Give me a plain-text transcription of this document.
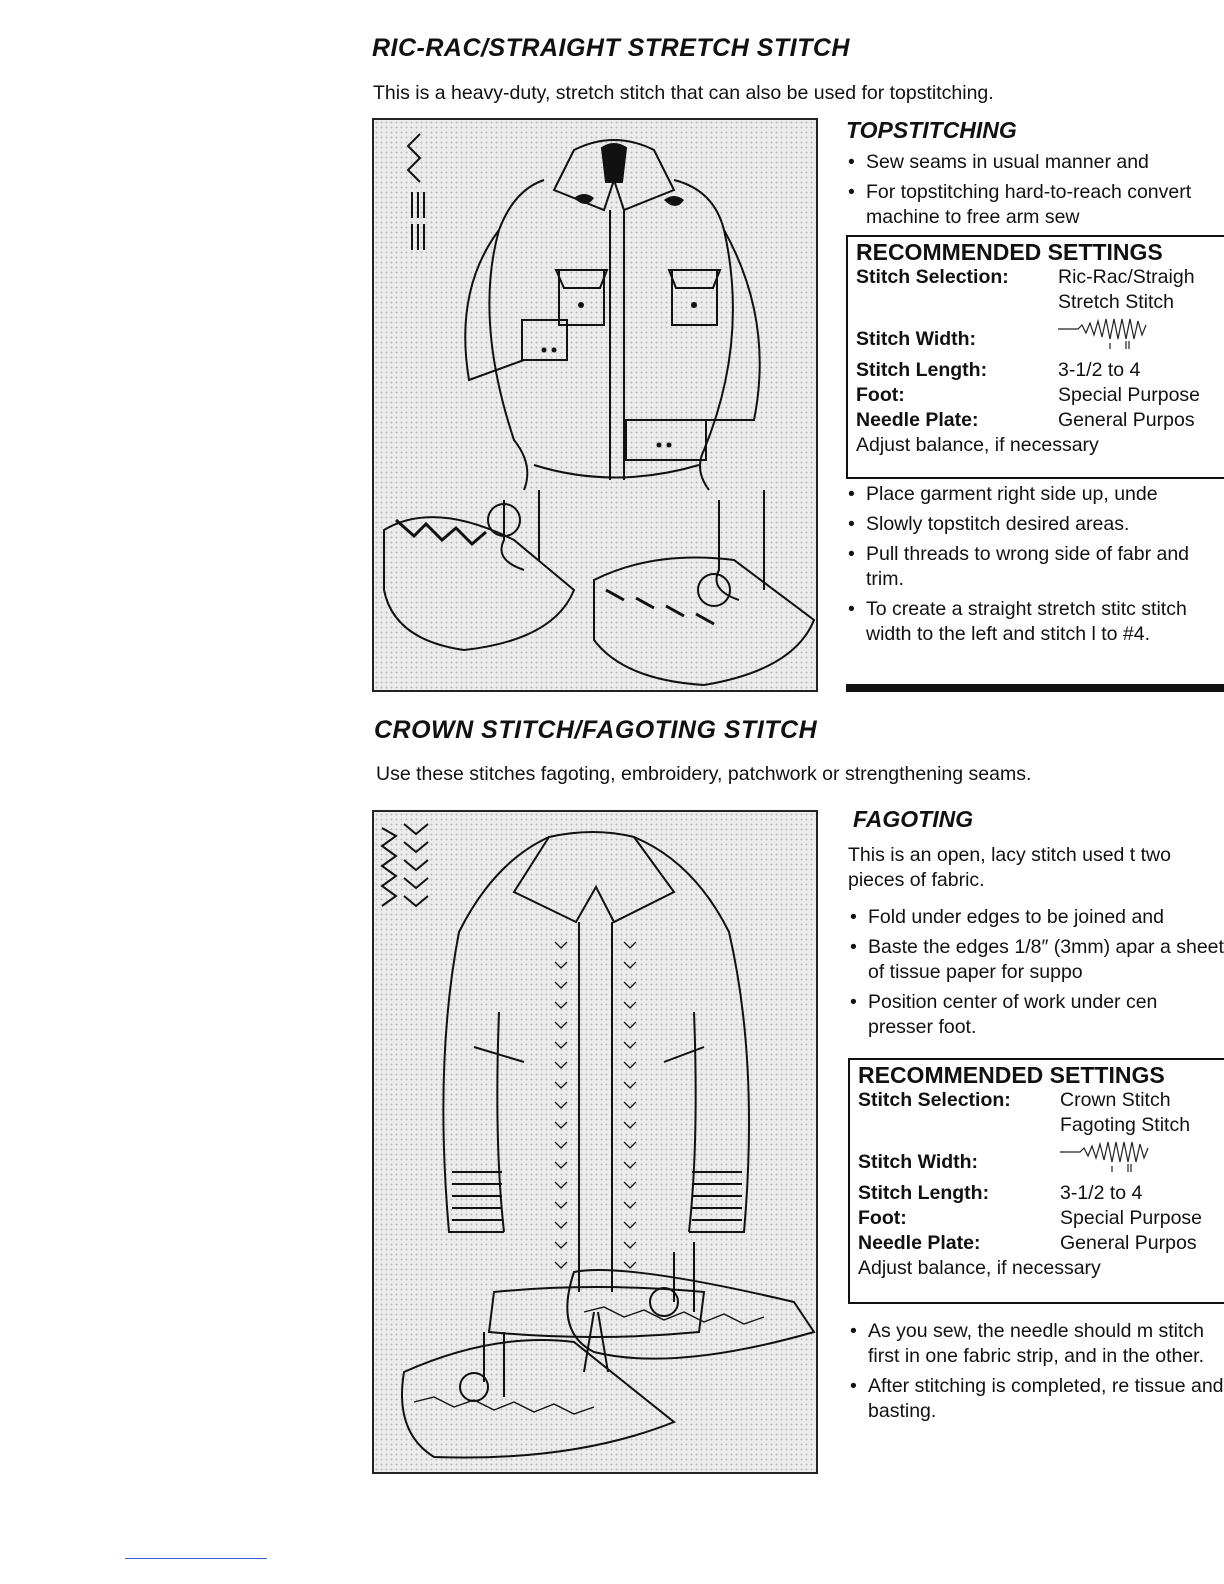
RIC-RAC/STRAIGHT STRETCH STITCH
This is a heavy-duty, stretch stitch that can also be used for topstitching.
TOPSTITCHING
• Sew seams in usual manner and
• For topstitching hard-to-reach convert machine to free arm sew
RECOMMENDED SETTINGS
Stitch Selection:	Ric-Rac/Straigh
Stretch Stitch
Stitch Width:	
Stitch Length:	3-1/2 to 4
Foot:	Special Purpose
Needle Plate:	General Purpos
Adjust balance, if necessary
• Place garment right side up, unde
• Slowly topstitch desired areas.
• Pull threads to wrong side of fabr and trim.
• To create a straight stretch stitc stitch width to the left and stitch l to #4.
CROWN STITCH/FAGOTING STITCH
Use these stitches fagoting, embroidery, patchwork or strengthening seams.
FAGOTING
This is an open, lacy stitch used t two pieces of fabric.
• Fold under edges to be joined and
• Baste the edges 1/8″ (3mm) apar a sheet of tissue paper for suppo
• Position center of work under cen presser foot.
RECOMMENDED SETTINGS
Stitch Selection:	Crown Stitch
Fagoting Stitch
Stitch Width:	
Stitch Length:	3-1/2 to 4
Foot:	Special Purpose
Needle Plate:	General Purpos
Adjust balance, if necessary
• As you sew, the needle should m stitch first in one fabric strip, and in the other.
• After stitching is completed, re tissue and basting.
